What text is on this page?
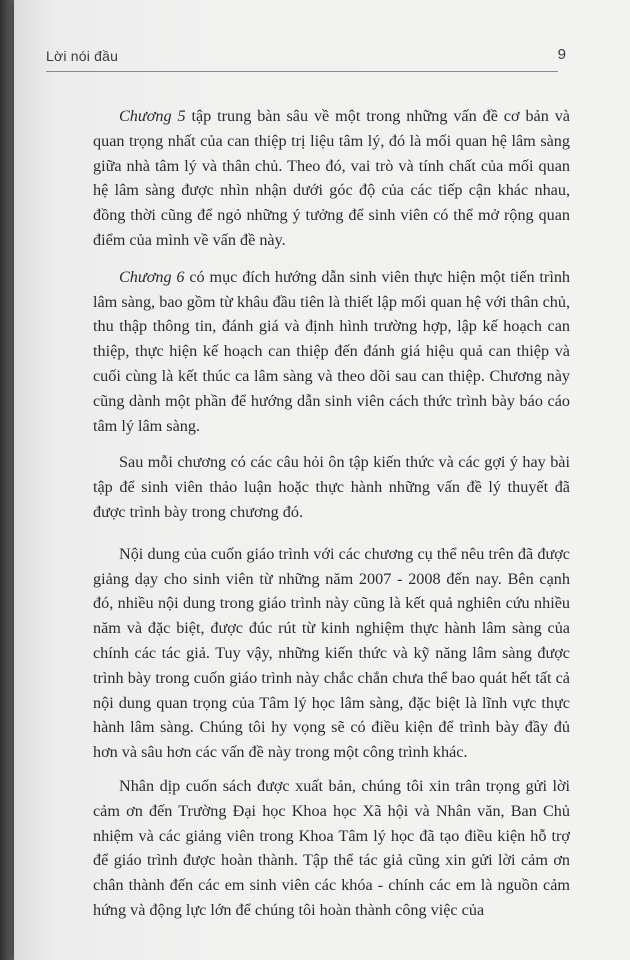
Lời nói đầu	9

Chương 5 tập trung bàn sâu về một trong những vấn đề cơ bản và quan trọng nhất của can thiệp trị liệu tâm lý, đó là mối quan hệ lâm sàng giữa nhà tâm lý và thân chủ. Theo đó, vai trò và tính chất của mối quan hệ lâm sàng được nhìn nhận dưới góc độ của các tiếp cận khác nhau, đồng thời cũng để ngỏ những ý tưởng để sinh viên có thể mở rộng quan điểm của mình về vấn đề này.

Chương 6 có mục đích hướng dẫn sinh viên thực hiện một tiến trình lâm sàng, bao gồm từ khâu đầu tiên là thiết lập mối quan hệ với thân chủ, thu thập thông tin, đánh giá và định hình trường hợp, lập kế hoạch can thiệp, thực hiện kế hoạch can thiệp đến đánh giá hiệu quả can thiệp và cuối cùng là kết thúc ca lâm sàng và theo dõi sau can thiệp. Chương này cũng dành một phần để hướng dẫn sinh viên cách thức trình bày báo cáo tâm lý lâm sàng.

Sau mỗi chương có các câu hỏi ôn tập kiến thức và các gợi ý hay bài tập để sinh viên thảo luận hoặc thực hành những vấn đề lý thuyết đã được trình bày trong chương đó.

Nội dung của cuốn giáo trình với các chương cụ thể nêu trên đã được giảng dạy cho sinh viên từ những năm 2007 - 2008 đến nay. Bên cạnh đó, nhiều nội dung trong giáo trình này cũng là kết quả nghiên cứu nhiều năm và đặc biệt, được đúc rút từ kinh nghiệm thực hành lâm sàng của chính các tác giả. Tuy vậy, những kiến thức và kỹ năng lâm sàng được trình bày trong cuốn giáo trình này chắc chắn chưa thể bao quát hết tất cả nội dung quan trọng của Tâm lý học lâm sàng, đặc biệt là lĩnh vực thực hành lâm sàng. Chúng tôi hy vọng sẽ có điều kiện để trình bày đầy đủ hơn và sâu hơn các vấn đề này trong một công trình khác.

Nhân dịp cuốn sách được xuất bản, chúng tôi xin trân trọng gửi lời cảm ơn đến Trường Đại học Khoa học Xã hội và Nhân văn, Ban Chủ nhiệm và các giảng viên trong Khoa Tâm lý học đã tạo điều kiện hỗ trợ để giáo trình được hoàn thành. Tập thể tác giả cũng xin gửi lời cảm ơn chân thành đến các em sinh viên các khóa - chính các em là nguồn cảm hứng và động lực lớn để chúng tôi hoàn thành công việc của
